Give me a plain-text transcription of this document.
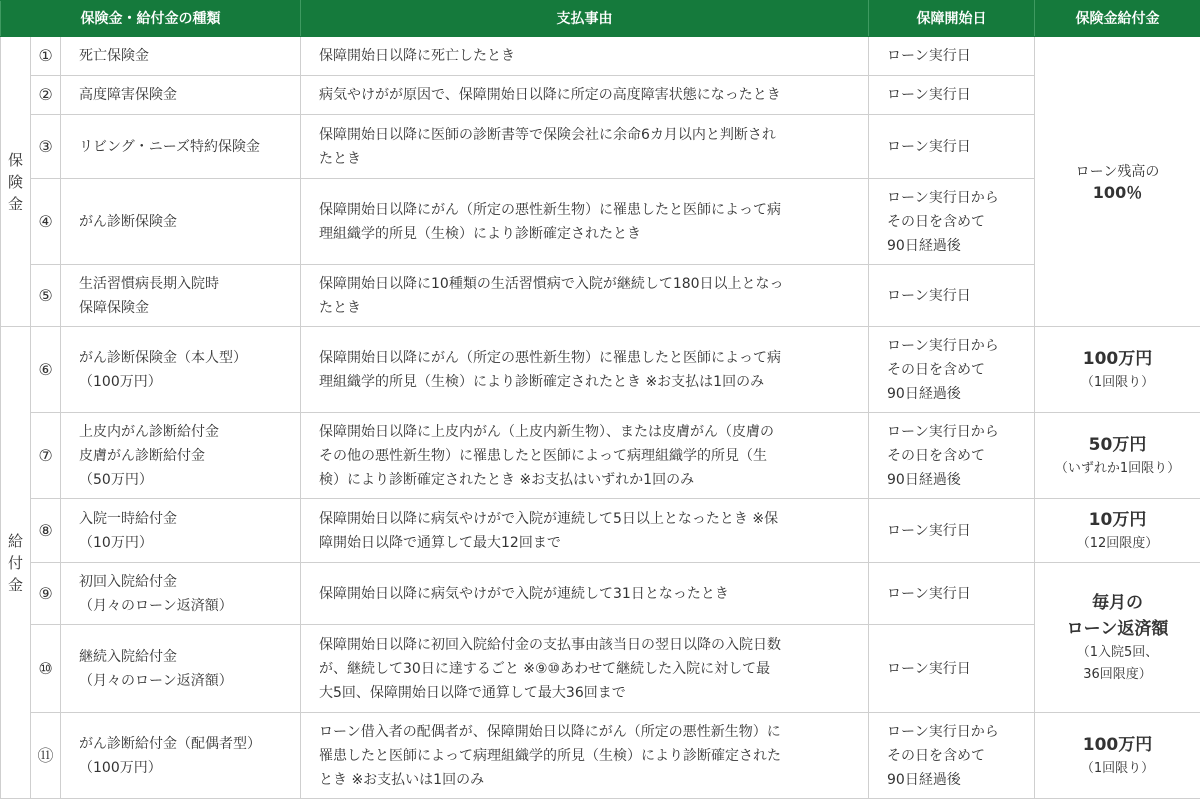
保険金・給付金の種類			支払事由	保障開始日	保険金給付金

保
険
金	①	死亡保険金	保障開始日以降に死亡したとき	ローン実行日	ローン残高の
100％

	②	高度障害保険金	病気やけがが原因で、保障開始日以降に所定の高度障害状態になったとき	ローン実行日	

	③	リビング・ニーズ特約保険金	保障開始日以降に医師の診断書等で保険会社に余命6カ月以内と判断され
たとき	ローン実行日	

	④	がん診断保険金	保障開始日以降にがん（所定の悪性新生物）に罹患したと医師によって病
理組織学的所見（生検）により診断確定されたとき	ローン実行日から
その日を含めて
90日経過後	

	⑤	生活習慣病長期入院時
保障保険金	保障開始日以降に10種類の生活習慣病で入院が継続して180日以上となっ
たとき	ローン実行日	

給
付
金	⑥	がん診断保険金（本人型）
（100万円）	保障開始日以降にがん（所定の悪性新生物）に罹患したと医師によって病
理組織学的所見（生検）により診断確定されたとき ※お支払は1回のみ	ローン実行日から
その日を含めて
90日経過後	100万円
（1回限り）

	⑦	上皮内がん診断給付金
皮膚がん診断給付金
（50万円）	保障開始日以降に上皮内がん（上皮内新生物）、または皮膚がん（皮膚の
その他の悪性新生物）に罹患したと医師によって病理組織学的所見（生
検）により診断確定されたとき ※お支払はいずれか1回のみ	ローン実行日から
その日を含めて
90日経過後	50万円
（いずれか1回限り）

	⑧	入院一時給付金
（10万円）	保障開始日以降に病気やけがで入院が連続して5日以上となったとき ※保
障開始日以降で通算して最大12回まで	ローン実行日	10万円
（12回限度）

	⑨	初回入院給付金
（月々のローン返済額）	保障開始日以降に病気やけがで入院が連続して31日となったとき	ローン実行日	毎月の
ローン返済額
（1入院5回、
36回限度）

	⑩	継続入院給付金
（月々のローン返済額）	保障開始日以降に初回入院給付金の支払事由該当日の翌日以降の入院日数
が、継続して30日に達するごと ※⑨⑩あわせて継続した入院に対して最
大5回、保障開始日以降で通算して最大36回まで	ローン実行日	

	⑪	がん診断給付金（配偶者型）
（100万円）	ローン借入者の配偶者が、保障開始日以降にがん（所定の悪性新生物）に
罹患したと医師によって病理組織学的所見（生検）により診断確定された
とき ※お支払いは1回のみ	ローン実行日から
その日を含めて
90日経過後	100万円
（1回限り）
